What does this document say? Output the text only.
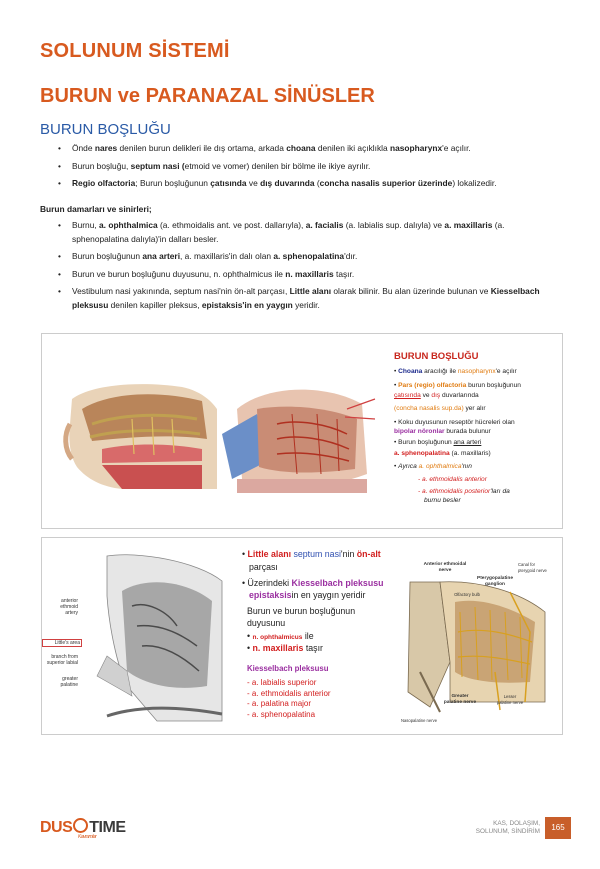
SOLUNUM SİSTEMİ
BURUN ve PARANAZAL SİNÜSLER
BURUN BOŞLUĞU
• Önde nares denilen burun delikleri ile dış ortama, arkada choana denilen iki açıklıkla nasopharynx'e açılır.
• Burun boşluğu, septum nasi (etmoid ve vomer) denilen bir bölme ile ikiye ayrılır.
• Regio olfactoria; Burun boşluğunun çatısında ve dış duvarında (concha nasalis superior üzerinde) lokalizedir.
Burun damarları ve sinirleri;
• Burnu, a. ophthalmica (a. ethmoidalis ant. ve post. dallarıyla), a. facialis (a. labialis sup. dalıyla) ve a. maxillaris (a. sphenopalatina dalıyla)'in dalları besler.
• Burun boşluğunun ana arteri, a. maxillaris'in dalı olan a. sphenopalatina'dır.
• Burun ve burun boşluğunu duyusunu, n. ophthalmicus ile n. maxillaris taşır.
• Vestibulum nasi yakınında, septum nasi'nin ön-alt parçası, Little alanı olarak bilinir. Bu alan üzerinde bulunan ve Kiesselbach pleksusu denilen kapiller pleksus, epistaksis'in en yaygın yeridir.
BURUN BOŞLUĞU
• Choana aracılığı ile nasopharynx'e açılır
• Pars (regio) olfactoria burun boşluğunun
çatısında ve dış duvarlarında
(concha nasalis sup.da) yer alır
• Koku duyusunun reseptör hücreleri olan
bipolar nöronlar burada bulunur
• Burun boşluğunun ana arteri
a. sphenopalatina (a. maxillaris)
• Ayrıca a. ophthalmica'nın
- a. ethmoidalis anterior
- a. ethmoidalis posterior'ları da
burnu besler
anterior
ethmoid
artery
Little's area
branch from
superior labial
greater
palatine
• Little alanı septum nasi'nin ön-alt
parçası
• Üzerindeki Kiesselbach pleksusu
epistaksisin en yaygın yeridir
Burun ve burun boşluğunun
duyusunu
• n. ophthalmicus ile
• n. maxillaris taşır
Kiesselbach pleksusu
- a. labialis superior
- a. ethmoidalis anterior
- a. palatina major
- a. sphenopalatina
Anterior ethmoidal
nerve
Canal for
pterygoid nerve
Pterygopalatine
ganglion
Olfactory bulb
Greater
palatine nerve
Lesser
palatine nerve
Nasopalatine nerve
DUS TIME
Kavramlar
KAS, DOLAŞIM,
SOLUNUM, SİNDİRİM	165
